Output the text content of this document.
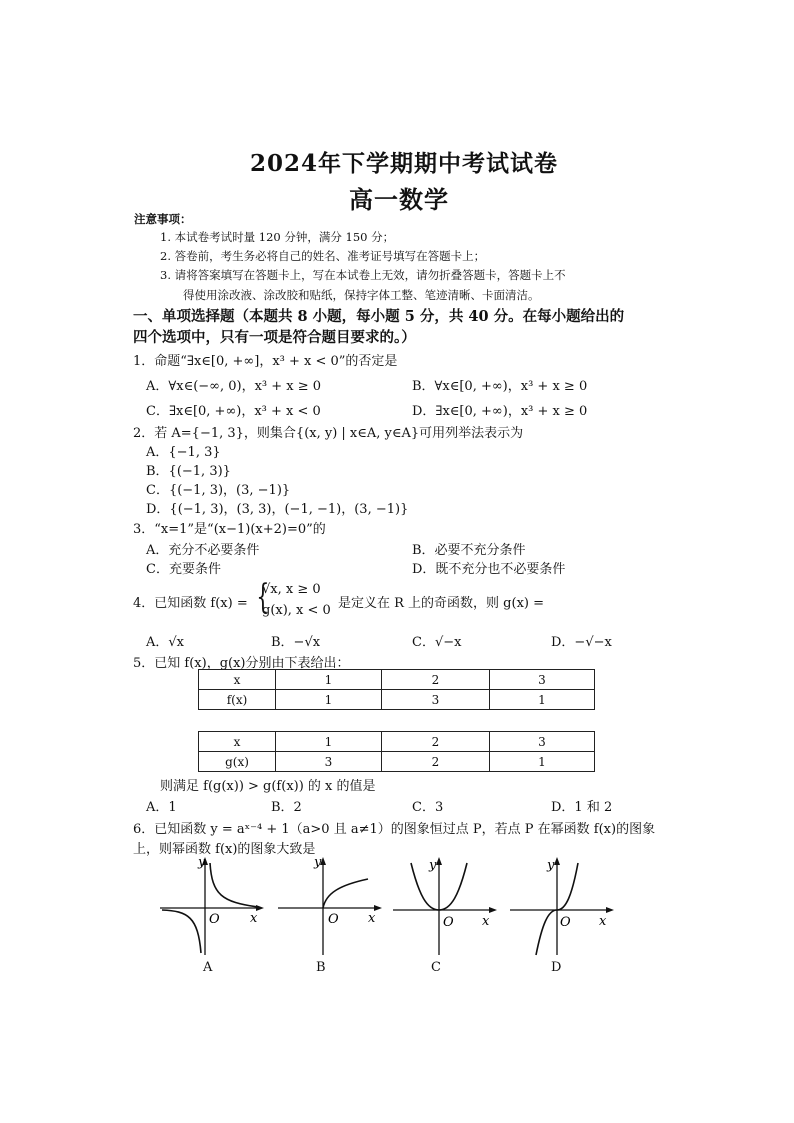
2024年下学期期中考试试卷
高一数学
注意事项：
1. 本试卷考试时量 120 分钟，满分 150 分；
2. 答卷前，考生务必将自己的姓名、准考证号填写在答题卡上；
3. 请将答案填写在答题卡上，写在本试卷上无效，请勿折叠答题卡，答题卡上不
得使用涂改液、涂改胶和贴纸，保持字体工整、笔迹清晰、卡面清洁。
一、单项选择题（本题共 8 小题，每小题 5 分，共 40 分。在每小题给出的
四个选项中，只有一项是符合题目要求的。）
1．命题“∃x∈[0, +∞]，x³ + x < 0”的否定是
A．∀x∈(−∞, 0)，x³ + x ≥ 0	B．∀x∈[0, +∞)，x³ + x ≥ 0
C．∃x∈[0, +∞)，x³ + x < 0	D．∃x∈[0, +∞)，x³ + x ≥ 0
2．若 A={−1, 3}，则集合{(x, y) | x∈A, y∈A}可用列举法表示为
A．{−1, 3}
B．{(−1, 3)}
C．{(−1, 3)，(3, −1)}
D．{(−1, 3)，(3, 3)，(−1, −1)，(3, −1)}
3．“x=1”是“(x−1)(x+2)=0”的
A．充分不必要条件	B．必要不充分条件
C．充要条件	D．既不充分也不必要条件
4．已知函数 f(x) = {
√x, x ≥ 0
g(x), x < 0 是定义在 R 上的奇函数，则 g(x) =
A．√x	B．−√x	C．√−x	D．−√−x
5．已知 f(x)，g(x)分别由下表给出：
x	1	2	3
f(x)	1	3	1
x	1	2	3
g(x)	3	2	1
则满足 f(g(x)) > g(f(x)) 的 x 的值是
A．1	B．2	C．3	D．1 和 2
6．已知函数 y = aˣ⁻⁴ + 1（a>0 且 a≠1）的图象恒过点 P，若点 P 在幂函数 f(x)的图象
上，则幂函数 f(x)的图象大致是
y
O x
A
y
O x
B
y
O x
C
y
O x
D
